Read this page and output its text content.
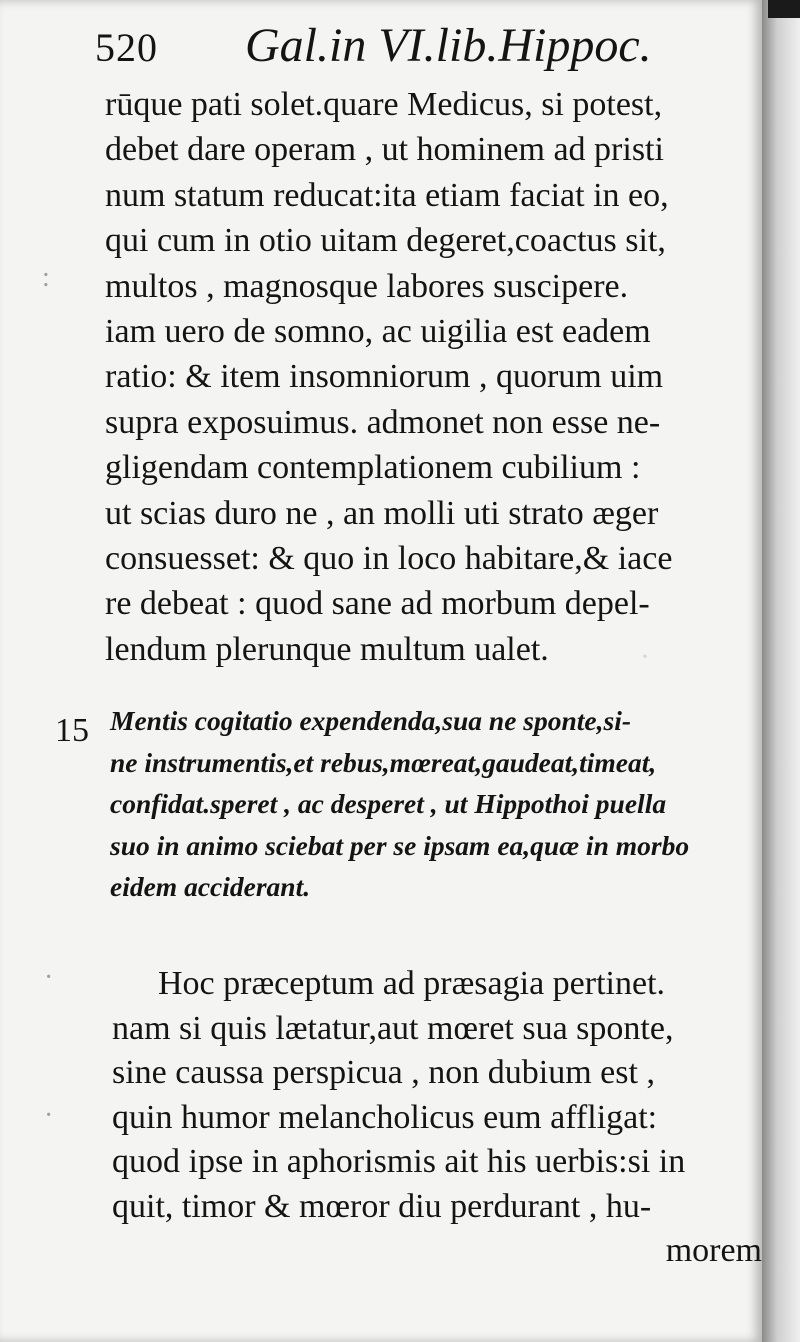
·
:
·
·
520 Gal.in VI.lib.Hippoc.
rūque pati solet.quare Medicus, si potest,
debet dare operam , ut hominem ad pristi
num statum reducat:ita etiam faciat in eo,
qui cum in otio uitam degeret,coactus sit,
multos , magnosque labores suscipere.
iam uero de somno, ac uigilia est eadem
ratio: & item insomniorum , quorum uim
supra exposuimus. admonet non esse ne-
gligendam contemplationem cubilium :
ut scias duro ne , an molli uti strato æger
consuesset: & quo in loco habitare,& iace
re debeat : quod sane ad morbum depel-
lendum plerunque multum ualet.
15 Mentis cogitatio expendenda,sua ne sponte,si-
ne instrumentis,et rebus,mœreat,gaudeat,timeat,
confidat.speret , ac desperet , ut Hippothoi puella
suo in animo sciebat per se ipsam ea,quæ in morbo
eidem acciderant.
Hoc præceptum ad præsagia pertinet.
nam si quis lætatur,aut mœret sua sponte,
sine caussa perspicua , non dubium est ,
quin humor melancholicus eum affligat:
quod ipse in aphorismis ait his uerbis:si in
quit, timor & mœror diu perdurant , hu-
morem
